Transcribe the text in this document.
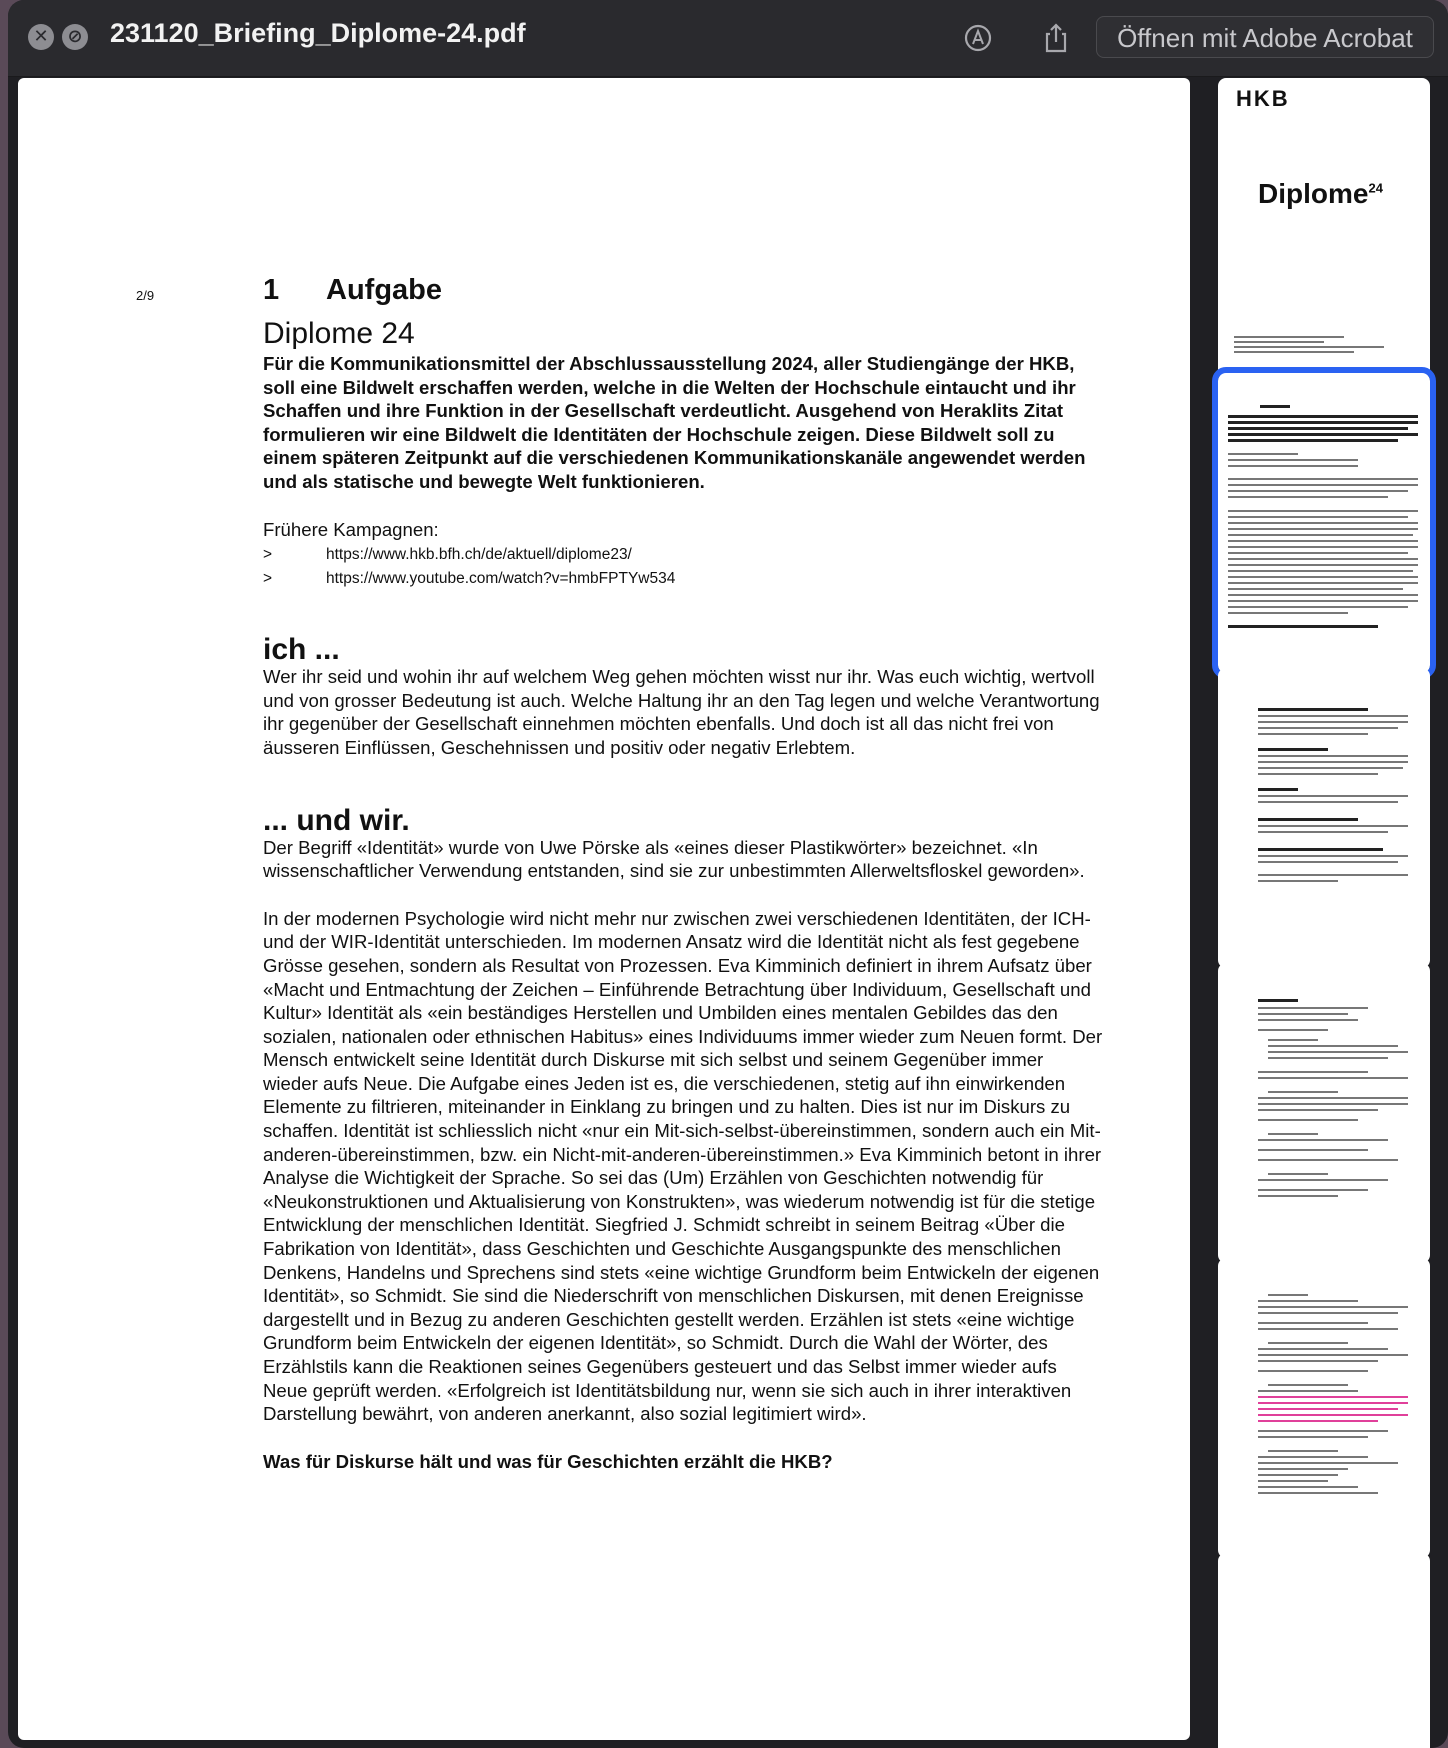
✕	⊘ 231120_Briefing_Diplome-24.pdf	Öffnen mit Adobe Acrobat
2/9	1 Aufgabe
Diplome 24

Für die Kommunikationsmittel der Abschlussausstellung 2024, aller Studiengänge der HKB, soll eine Bildwelt erschaffen werden, welche in die Welten der Hochschule eintaucht und ihr Schaffen und ihre Funktion in der Gesellschaft verdeutlicht. Ausgehend von Heraklits Zitat formulieren wir eine Bildwelt die Identitäten der Hochschule zeigen. Diese Bildwelt soll zu einem späteren Zeitpunkt auf die verschiedenen Kommunikationskanäle angewendet werden und als statische und bewegte Welt funktionieren.

Frühere Kampagnen:

>	https://www.hkb.bfh.ch/de/aktuell/diplome23/
>	https://www.youtube.com/watch?v=hmbFPTYw534
ich ...

Wer ihr seid und wohin ihr auf welchem Weg gehen möchten wisst nur ihr. Was euch wichtig, wertvoll und von grosser Bedeutung ist auch. Welche Haltung ihr an den Tag legen und welche Verantwortung ihr gegenüber der Gesellschaft einnehmen möchten ebenfalls. Und doch ist all das nicht frei von äusseren Einflüssen, Geschehnissen und positiv oder negativ Erlebtem.

... und wir.

Der Begriff «Identität» wurde von Uwe Pörske als «eines dieser Plastikwörter» bezeichnet. «In wissenschaftlicher Verwendung entstanden, sind sie zur unbestimmten Allerweltsfloskel geworden».

In der modernen Psychologie wird nicht mehr nur zwischen zwei verschiedenen Identitäten, der ICH- und der WIR-Identität unterschieden. Im modernen Ansatz wird die Identität nicht als fest gegebene Grösse gesehen, sondern als Resultat von Prozessen. Eva Kimminich definiert in ihrem Aufsatz über «Macht und Entmachtung der Zeichen – Einführende Betrachtung über Individuum, Gesellschaft und Kultur» Identität als «ein beständiges Herstellen und Umbilden eines mentalen Gebildes das den sozialen, nationalen oder ethnischen Habitus» eines Individuums immer wieder zum Neuen formt. Der Mensch entwickelt seine Identität durch Diskurse mit sich selbst und seinem Gegenüber immer wieder aufs Neue. Die Aufgabe eines Jeden ist es, die verschiedenen, stetig auf ihn einwirkenden Elemente zu filtrieren, miteinander in Einklang zu bringen und zu halten. Dies ist nur im Diskurs zu schaffen. Identität ist schliesslich nicht «nur ein Mit-sich-selbst-übereinstimmen, sondern auch ein Mit-anderen-übereinstimmen, bzw. ein Nicht-mit-anderen-übereinstimmen.» Eva Kimminich betont in ihrer Analyse die Wichtigkeit der Sprache. So sei das (Um) Erzählen von Geschichten notwendig für «Neukonstruktionen und Aktualisierung von Konstrukten», was wiederum notwendig ist für die stetige Entwicklung der menschlichen Identität. Siegfried J. Schmidt schreibt in seinem Beitrag «Über die Fabrikation von Identität», dass Geschichten und Geschichte Ausgangspunkte des menschlichen Denkens, Handelns und Sprechens sind stets «eine wichtige Grundform beim Entwickeln der eigenen Identität», so Schmidt. Sie sind die Niederschrift von menschlichen Diskursen, mit denen Ereignisse dargestellt und in Bezug zu anderen Geschichten gestellt werden. Erzählen ist stets «eine wichtige Grundform beim Entwickeln der eigenen Identität», so Schmidt. Durch die Wahl der Wörter, des Erzählstils kann die Reaktionen seines Gegenübers gesteuert und das Selbst immer wieder aufs Neue geprüft werden. «Erfolgreich ist Identitätsbildung nur, wenn sie sich auch in ihrer interaktiven Darstellung bewährt, von anderen anerkannt, also sozial legitimiert wird».

Was für Diskurse hält und was für Geschichten erzählt die HKB?

HKB
Diplome$^{24}$
